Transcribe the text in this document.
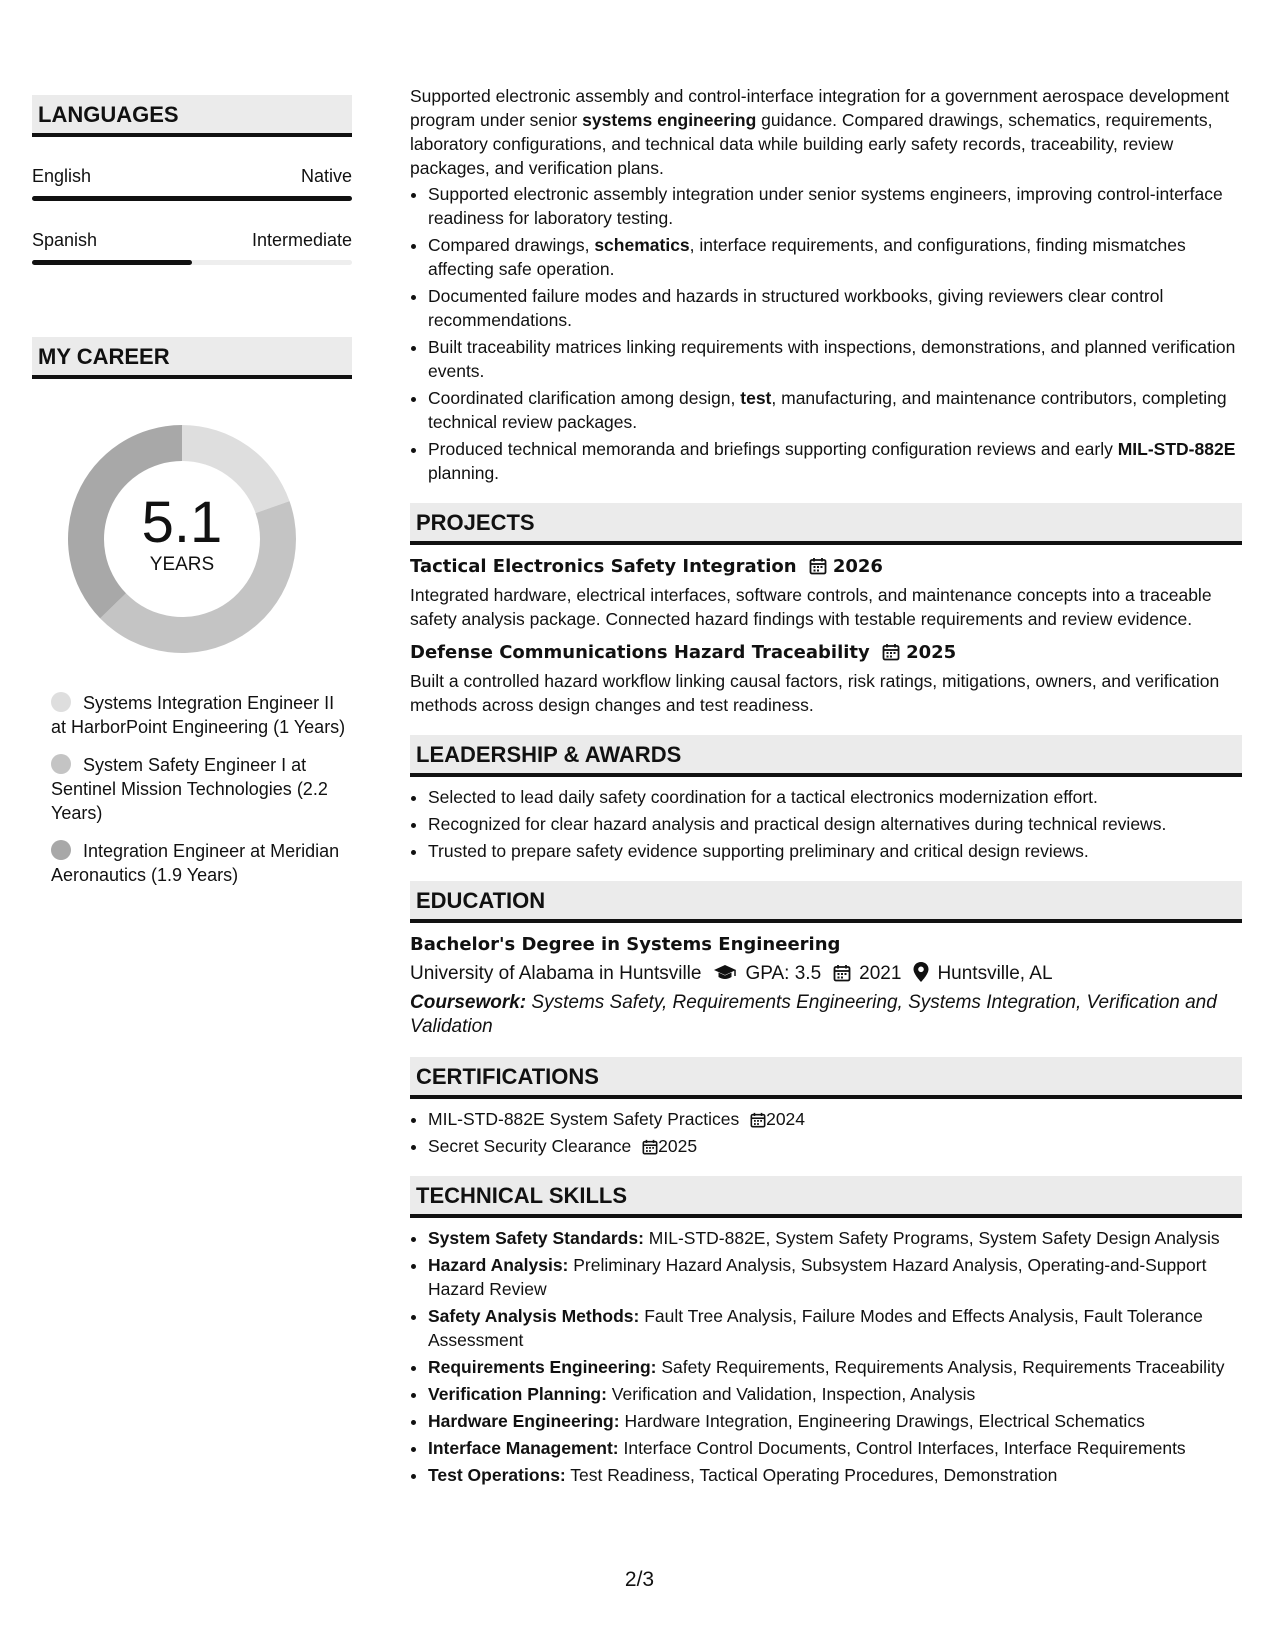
LANGUAGES
English	Native
Spanish	Intermediate
MY CAREER
5.1
YEARS
Systems Integration Engineer II at HarborPoint Engineering (1 Years)
System Safety Engineer I at Sentinel Mission Technologies (2.2 Years)
Integration Engineer at Meridian Aeronautics (1.9 Years)
Supported electronic assembly and control-interface integration for a government aerospace development program under senior systems engineering guidance. Compared drawings, schematics, requirements, laboratory configurations, and technical data while building early safety records, traceability, review packages, and verification plans.
• Supported electronic assembly integration under senior systems engineers, improving control-interface readiness for laboratory testing.
• Compared drawings, schematics, interface requirements, and configurations, finding mismatches affecting safe operation.
• Documented failure modes and hazards in structured workbooks, giving reviewers clear control recommendations.
• Built traceability matrices linking requirements with inspections, demonstrations, and planned verification events.
• Coordinated clarification among design, test, manufacturing, and maintenance contributors, completing technical review packages.
• Produced technical memoranda and briefings supporting configuration reviews and early MIL-STD-882E planning.
PROJECTS
Tactical Electronics Safety Integration 2026
Integrated hardware, electrical interfaces, software controls, and maintenance concepts into a traceable safety analysis package. Connected hazard findings with testable requirements and review evidence.
Defense Communications Hazard Traceability 2025
Built a controlled hazard workflow linking causal factors, risk ratings, mitigations, owners, and verification methods across design changes and test readiness.
LEADERSHIP & AWARDS
• Selected to lead daily safety coordination for a tactical electronics modernization effort.
• Recognized for clear hazard analysis and practical design alternatives during technical reviews.
• Trusted to prepare safety evidence supporting preliminary and critical design reviews.
EDUCATION
Bachelor's Degree in Systems Engineering
University of Alabama in Huntsville GPA: 3.5 2021 Huntsville, AL
Coursework: Systems Safety, Requirements Engineering, Systems Integration, Verification and Validation
CERTIFICATIONS
• MIL-STD-882E System Safety Practices 2024
• Secret Security Clearance 2025
TECHNICAL SKILLS
• System Safety Standards: MIL-STD-882E, System Safety Programs, System Safety Design Analysis
• Hazard Analysis: Preliminary Hazard Analysis, Subsystem Hazard Analysis, Operating-and-Support Hazard Review
• Safety Analysis Methods: Fault Tree Analysis, Failure Modes and Effects Analysis, Fault Tolerance Assessment
• Requirements Engineering: Safety Requirements, Requirements Analysis, Requirements Traceability
• Verification Planning: Verification and Validation, Inspection, Analysis
• Hardware Engineering: Hardware Integration, Engineering Drawings, Electrical Schematics
• Interface Management: Interface Control Documents, Control Interfaces, Interface Requirements
• Test Operations: Test Readiness, Tactical Operating Procedures, Demonstration
2/3
